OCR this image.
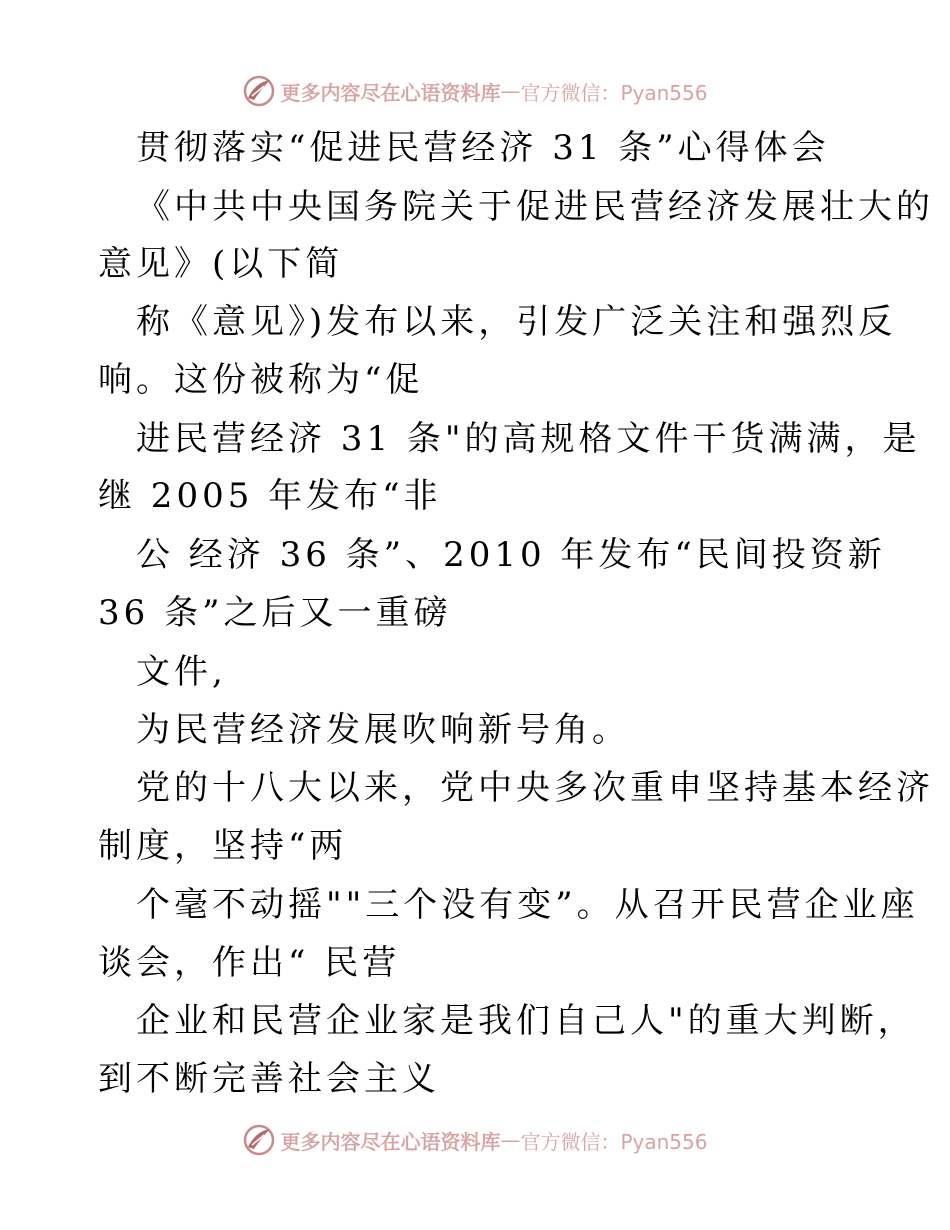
更多内容尽在心语资料库 — 官方微信：Pyan556
贯彻落实“促进民营经济 31 条”心得体会
《中共中央国务院关于促进民营经济发展壮大的
意见》(以下简
称《意见》)发布以来，引发广泛关注和强烈反
响。这份被称为“促
进民营经济 31 条"的高规格文件干货满满，是
继 2005 年发布“非
公 经济 36 条”、2010 年发布“民间投资新
36 条”之后又一重磅
文件,
为民营经济发展吹响新号角。
党的十八大以来，党中央多次重申坚持基本经济
制度，坚持“两
个毫不动摇""三个没有变”。从召开民营企业座
谈会，作出“ 民营
企业和民营企业家是我们自己人"的重大判断，
到不断完善社会主义
更多内容尽在心语资料库 — 官方微信：Pyan556
